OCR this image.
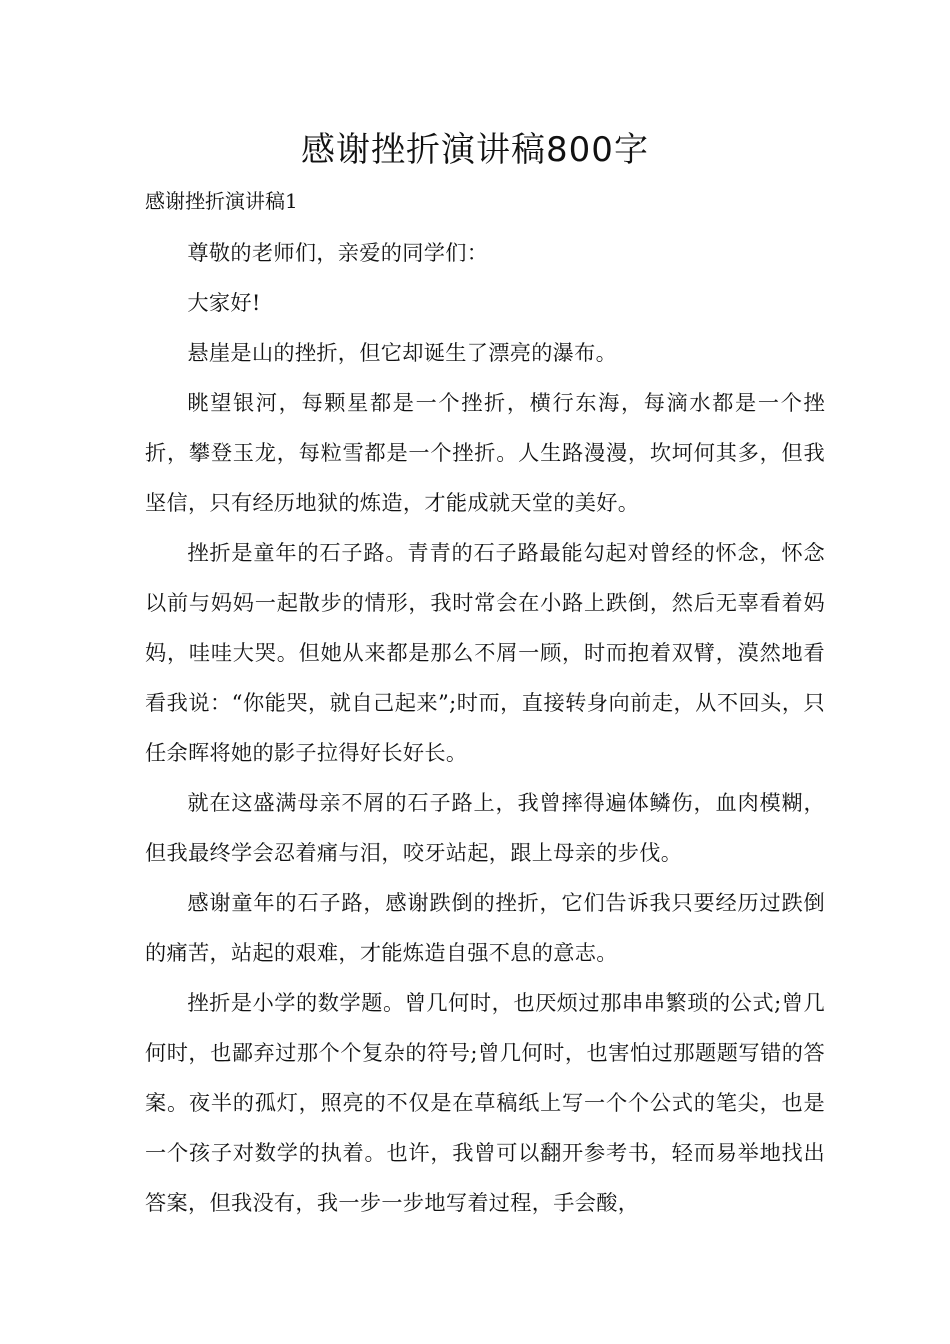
感谢挫折演讲稿800字
感谢挫折演讲稿1

尊敬的老师们，亲爱的同学们：

大家好!

悬崖是山的挫折，但它却诞生了漂亮的瀑布。

眺望银河，每颗星都是一个挫折，横行东海，每滴水都是一个挫折，攀登玉龙，每粒雪都是一个挫折。人生路漫漫，坎坷何其多，但我坚信，只有经历地狱的炼造，才能成就天堂的美好。

挫折是童年的石子路。青青的石子路最能勾起对曾经的怀念，怀念以前与妈妈一起散步的情形，我时常会在小路上跌倒，然后无辜看着妈妈，哇哇大哭。但她从来都是那么不屑一顾，时而抱着双臂，漠然地看看我说：“你能哭，就自己起来”;时而，直接转身向前走，从不回头，只任余晖将她的影子拉得好长好长。

就在这盛满母亲不屑的石子路上，我曾摔得遍体鳞伤，血肉模糊，但我最终学会忍着痛与泪，咬牙站起，跟上母亲的步伐。

感谢童年的石子路，感谢跌倒的挫折，它们告诉我只要经历过跌倒的痛苦，站起的艰难，才能炼造自强不息的意志。

挫折是小学的数学题。曾几何时，也厌烦过那串串繁琐的公式;曾几何时，也鄙弃过那个个复杂的符号;曾几何时，也害怕过那题题写错的答案。夜半的孤灯，照亮的不仅是在草稿纸上写一个个公式的笔尖，也是一个孩子对数学的执着。也许，我曾可以翻开参考书，轻而易举地找出答案，但我没有，我一步一步地写着过程，手会酸，
